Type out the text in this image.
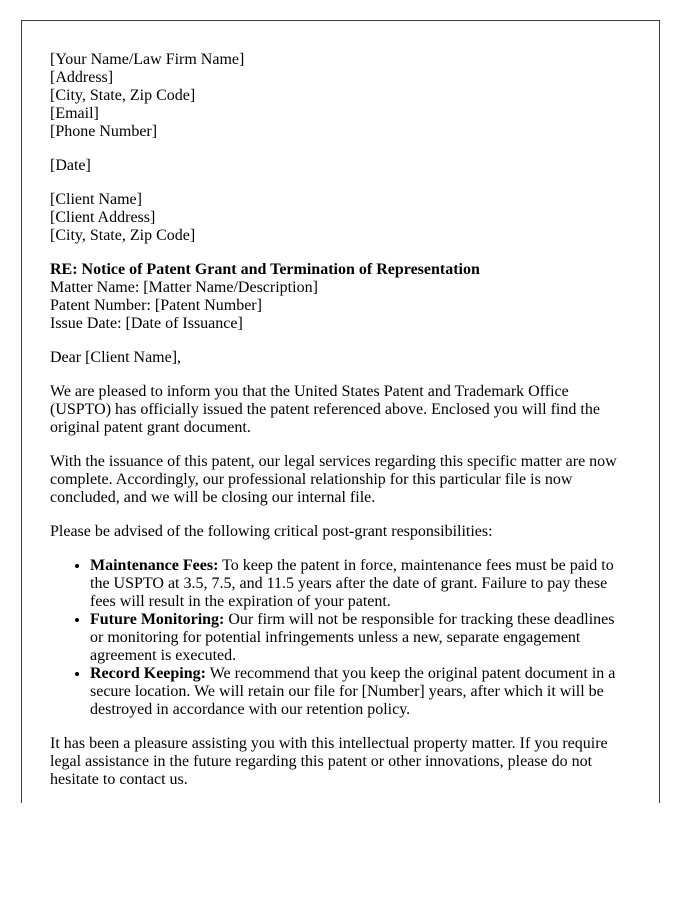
[Your Name/Law Firm Name]
[Address]
[City, State, Zip Code]
[Email]
[Phone Number]
[Date]
[Client Name]
[Client Address]
[City, State, Zip Code]
RE: Notice of Patent Grant and Termination of Representation
Matter Name: [Matter Name/Description]
Patent Number: [Patent Number]
Issue Date: [Date of Issuance]
Dear [Client Name],
We are pleased to inform you that the United States Patent and Trademark Office (USPTO) has officially issued the patent referenced above. Enclosed you will find the original patent grant document.
With the issuance of this patent, our legal services regarding this specific matter are now complete. Accordingly, our professional relationship for this particular file is now concluded, and we will be closing our internal file.
Please be advised of the following critical post-grant responsibilities:
• Maintenance Fees: To keep the patent in force, maintenance fees must be paid to the USPTO at 3.5, 7.5, and 11.5 years after the date of grant. Failure to pay these fees will result in the expiration of your patent.
• Future Monitoring: Our firm will not be responsible for tracking these deadlines or monitoring for potential infringements unless a new, separate engagement agreement is executed.
• Record Keeping: We recommend that you keep the original patent document in a secure location. We will retain our file for [Number] years, after which it will be destroyed in accordance with our retention policy.
It has been a pleasure assisting you with this intellectual property matter. If you require legal assistance in the future regarding this patent or other innovations, please do not hesitate to contact us.
